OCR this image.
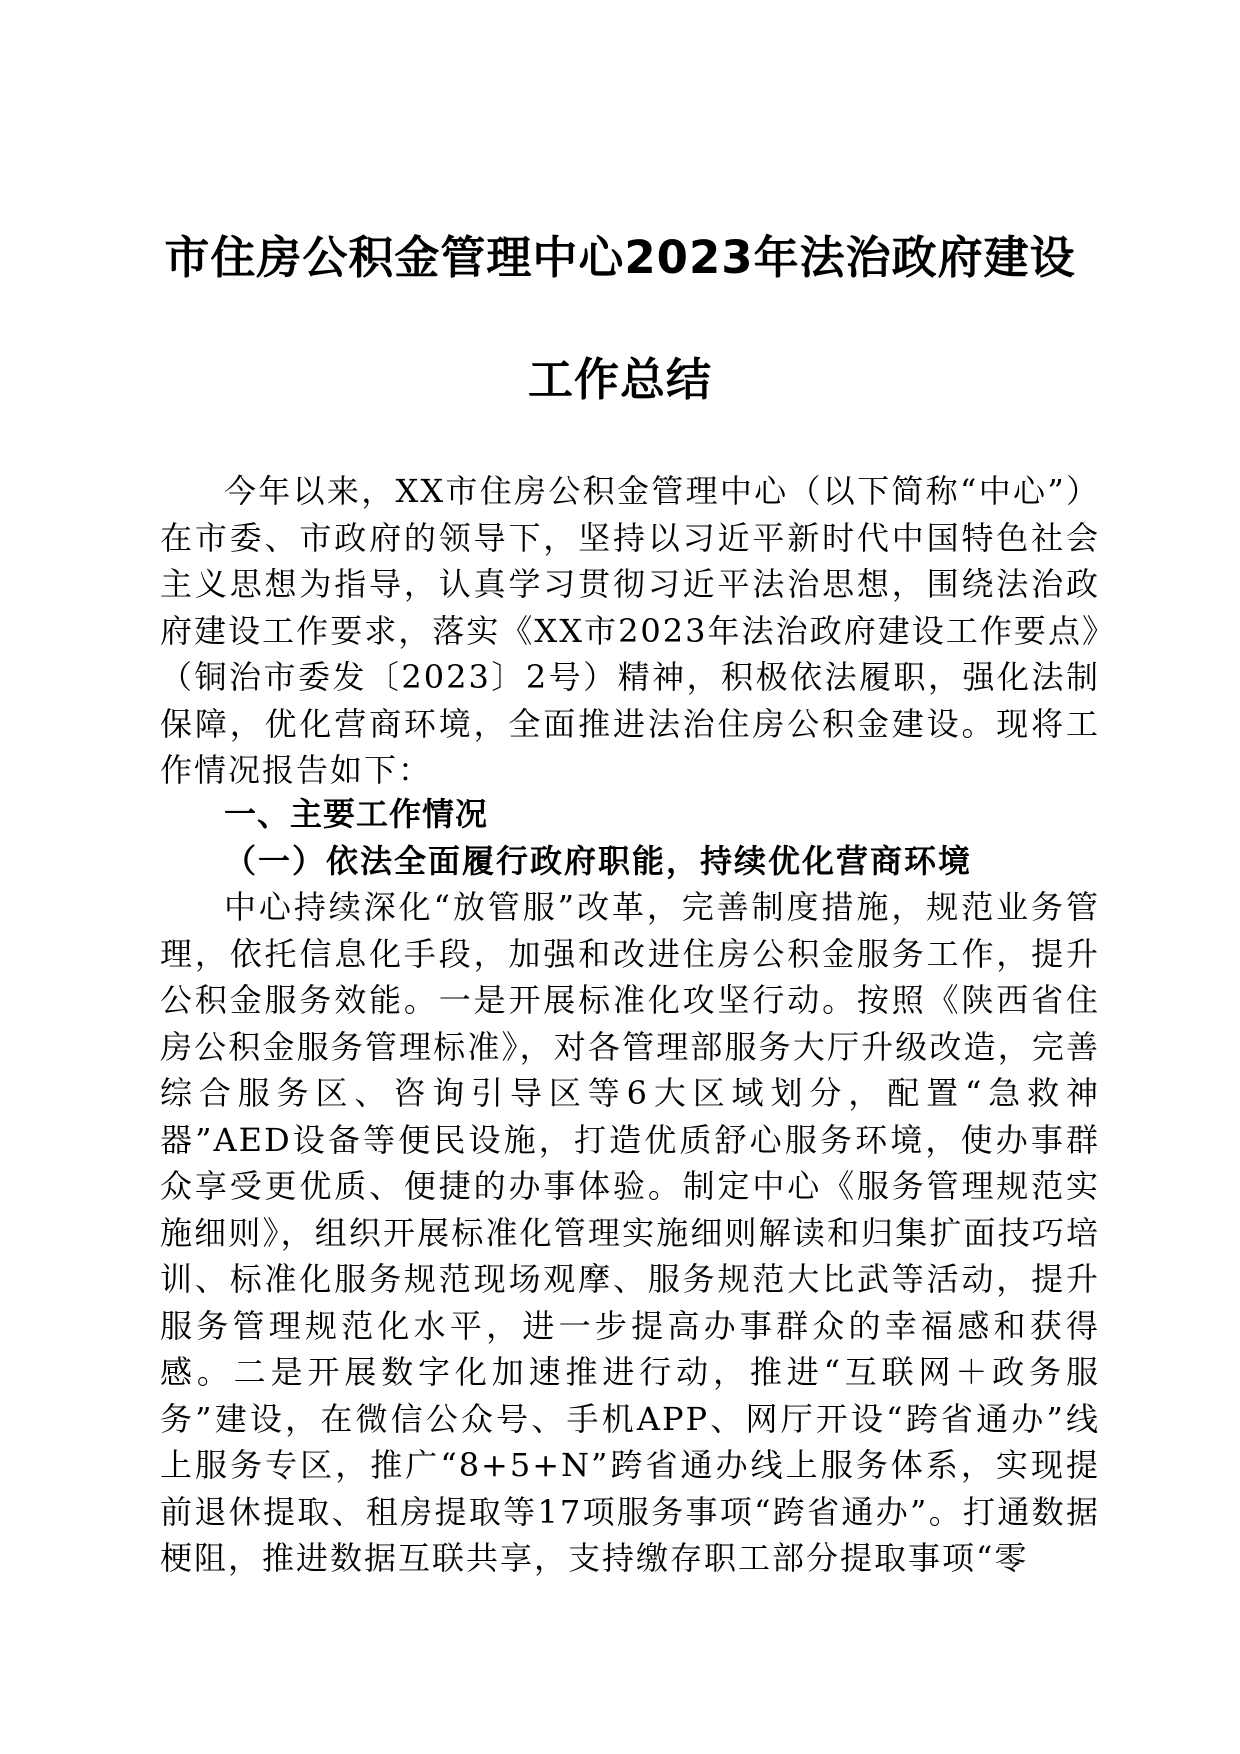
市住房公积金管理中心2023年法治政府建设
工作总结

今年以来，XX市住房公积金管理中心（以下简称“中心”）在市委、市政府的领导下，坚持以习近平新时代中国特色社会主义思想为指导，认真学习贯彻习近平法治思想，围绕法治政府建设工作要求，落实《XX市2023年法治政府建设工作要点》（铜治市委发〔2023〕2号）精神，积极依法履职，强化法制保障，优化营商环境，全面推进法治住房公积金建设。现将工作情况报告如下：

一、主要工作情况
（一）依法全面履行政府职能，持续优化营商环境

中心持续深化“放管服”改革，完善制度措施，规范业务管理，依托信息化手段，加强和改进住房公积金服务工作，提升公积金服务效能。一是开展标准化攻坚行动。按照《陕西省住房公积金服务管理标准》，对各管理部服务大厅升级改造，完善综合服务区、咨询引导区等6大区域划分，配置“急救神器”AED设备等便民设施，打造优质舒心服务环境，使办事群众享受更优质、便捷的办事体验。制定中心《服务管理规范实施细则》，组织开展标准化管理实施细则解读和归集扩面技巧培训、标准化服务规范现场观摩、服务规范大比武等活动，提升服务管理规范化水平，进一步提高办事群众的幸福感和获得感。二是开展数字化加速推进行动，推进“互联网＋政务服务”建设，在微信公众号、手机APP、网厅开设“跨省通办”线上服务专区，推广“8+5+N”跨省通办线上服务体系，实现提前退休提取、租房提取等17项服务事项“跨省通办”。打通数据梗阻，推进数据互联共享，支持缴存职工部分提取事项“零
